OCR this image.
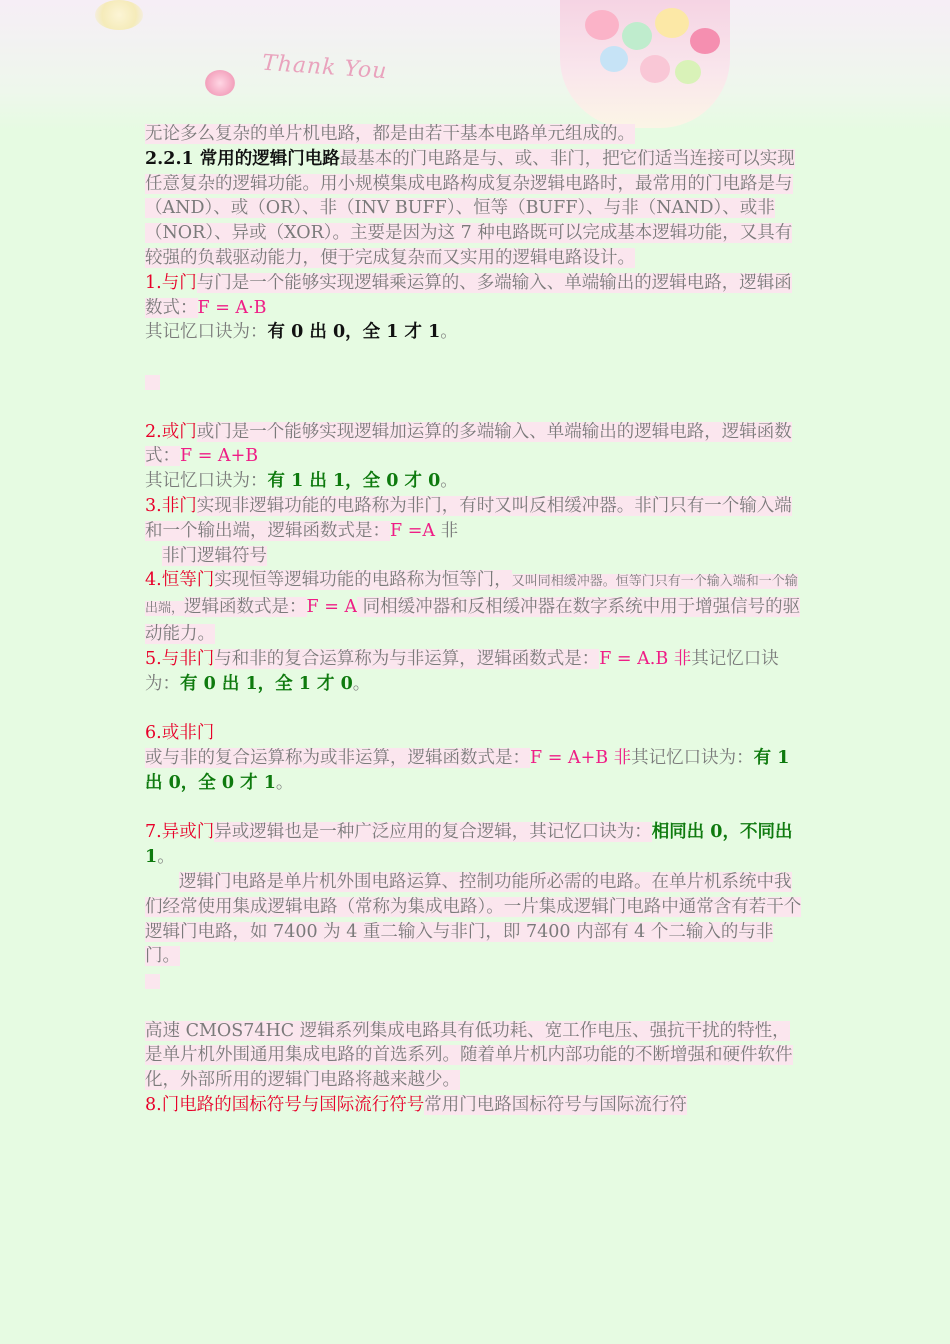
Thank You

无论多么复杂的单片机电路，都是由若干基本电路单元组成的。

2.2.1 常用的逻辑门电路最基本的门电路是与、或、非门，把它们适当连接可以实现任意复杂的逻辑功能。用小规模集成电路构成复杂逻辑电路时，最常用的门电路是与（AND）、或（OR）、非（INV BUFF）、恒等（BUFF）、与非（NAND）、或非（NOR）、异或（XOR）。主要是因为这 7 种电路既可以完成基本逻辑功能，又具有较强的负载驱动能力，便于完成复杂而又实用的逻辑电路设计。

1.与门与门是一个能够实现逻辑乘运算的、多端输入、单端输出的逻辑电路，逻辑函数式：F = A·B

其记忆口诀为：有 0 出 0，全 1 才 1。

2.或门或门是一个能够实现逻辑加运算的多端输入、单端输出的逻辑电路，逻辑函数式：F = A+B

其记忆口诀为：有 1 出 1，全 0 才 0。

3.非门实现非逻辑功能的电路称为非门，有时又叫反相缓冲器。非门只有一个输入端和一个输出端，逻辑函数式是：F =A 非

非门逻辑符号

4.恒等门实现恒等逻辑功能的电路称为恒等门，又叫同相缓冲器。恒等门只有一个输入端和一个输出端，逻辑函数式是：F = A 同相缓冲器和反相缓冲器在数字系统中用于增强信号的驱动能力。

5.与非门与和非的复合运算称为与非运算，逻辑函数式是：F = A.B 非其记忆口诀为：有 0 出 1，全 1 才 0。

6.或非门

或与非的复合运算称为或非运算，逻辑函数式是：F = A+B 非其记忆口诀为：有 1 出 0，全 0 才 1。

7.异或门异或逻辑也是一种广泛应用的复合逻辑，其记忆口诀为：相同出 0，不同出 1。

逻辑门电路是单片机外围电路运算、控制功能所必需的电路。在单片机系统中我们经常使用集成逻辑电路（常称为集成电路）。一片集成逻辑门电路中通常含有若干个逻辑门电路，如 7400 为 4 重二输入与非门，即 7400 内部有 4 个二输入的与非门。

高速 CMOS74HC 逻辑系列集成电路具有低功耗、宽工作电压、强抗干扰的特性，是单片机外围通用集成电路的首选系列。随着单片机内部功能的不断增强和硬件软件化，外部所用的逻辑门电路将越来越少。

8.门电路的国标符号与国际流行符号常用门电路国标符号与国际流行符
